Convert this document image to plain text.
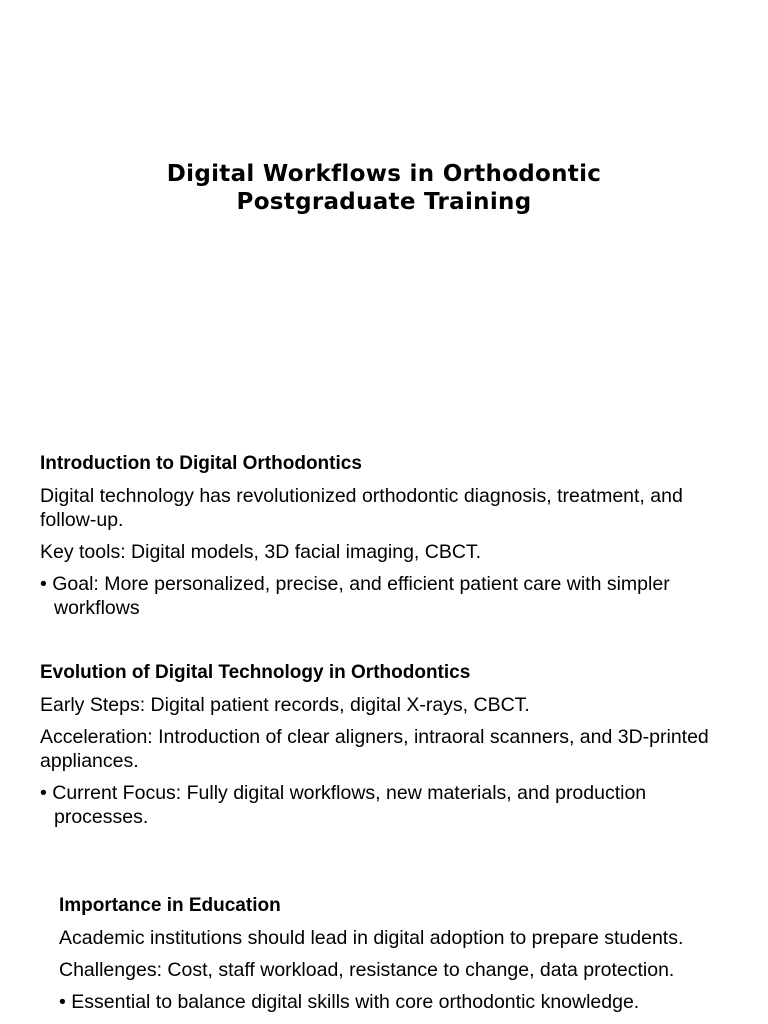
Digital Workflows in Orthodontic
Postgraduate Training
Introduction to Digital Orthodontics

Digital technology has revolutionized orthodontic diagnosis, treatment, and follow-up.

Key tools: Digital models, 3D facial imaging, CBCT.

• Goal: More personalized, precise, and efficient patient care with simpler workflows

Evolution of Digital Technology in Orthodontics

Early Steps: Digital patient records, digital X-rays, CBCT.

Acceleration: Introduction of clear aligners, intraoral scanners, and 3D-printed appliances.

• Current Focus: Fully digital workflows, new materials, and production processes.

Importance in Education

Academic institutions should lead in digital adoption to prepare students.

Challenges: Cost, staff workload, resistance to change, data protection.

• Essential to balance digital skills with core orthodontic knowledge.
